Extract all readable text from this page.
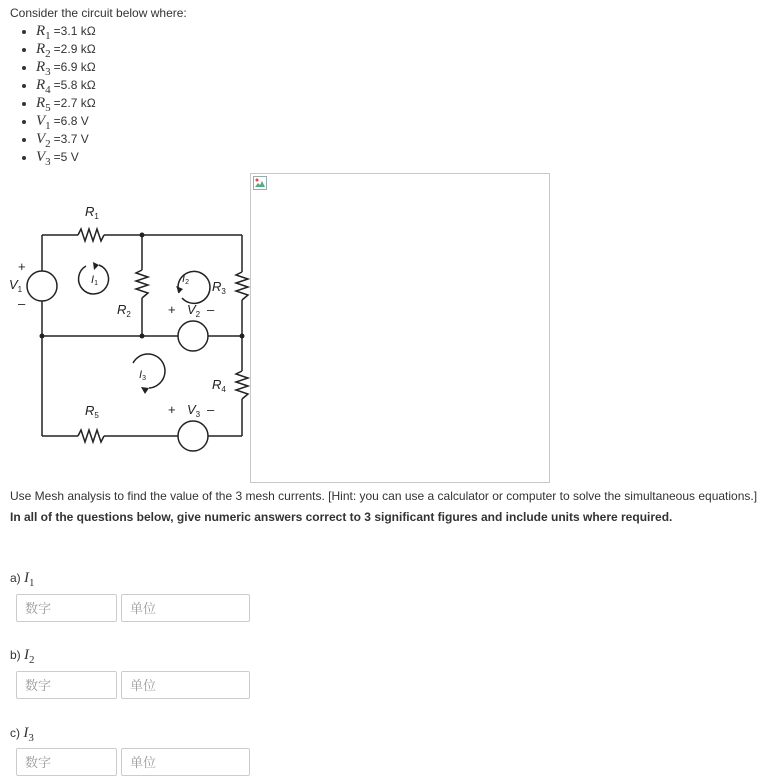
Consider the circuit below where:
• R1 =3.1 kΩ
• R2 =2.9 kΩ
• R3 =6.9 kΩ
• R4 =5.8 kΩ
• R5 =2.7 kΩ
• V1 =6.8 V
• V2 =3.7 V
• V3 =5 V
$R_1$
$R_2$
$R_3$
$R_4$
$R_5$
$V_1$
$V_2$
$V_3$
I1	I2
I3
+
–	+ –
+ –
Use Mesh analysis to find the value of the 3 mesh currents. [Hint: you can use a calculator or computer to solve the simultaneous equations.]
In all of the questions below, give numeric answers correct to 3 significant figures and include units where required.
a) I1
数字
单位
b) I2
数字
单位
c) I3
数字
单位
